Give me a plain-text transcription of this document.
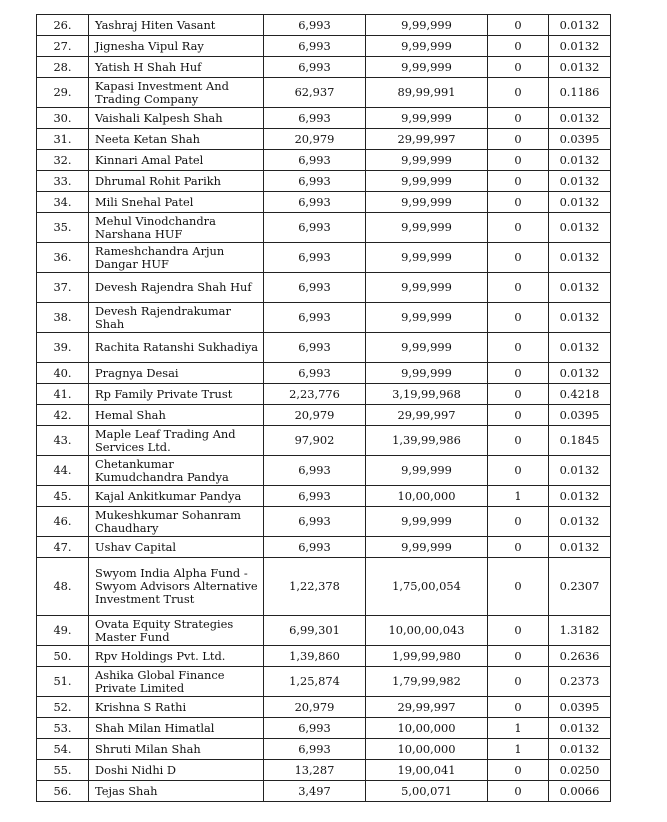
26.	Yashraj Hiten Vasant	6,993	9,99,999	0	0.0132
27.	Jignesha Vipul Ray	6,993	9,99,999	0	0.0132
28.	Yatish H Shah Huf	6,993	9,99,999	0	0.0132
29.	Kapasi Investment And Trading Company	62,937	89,99,991	0	0.1186
30.	Vaishali Kalpesh Shah	6,993	9,99,999	0	0.0132
31.	Neeta Ketan Shah	20,979	29,99,997	0	0.0395
32.	Kinnari Amal Patel	6,993	9,99,999	0	0.0132
33.	Dhrumal Rohit Parikh	6,993	9,99,999	0	0.0132
34.	Mili Snehal Patel	6,993	9,99,999	0	0.0132
35.	Mehul Vinodchandra Narshana HUF	6,993	9,99,999	0	0.0132
36.	Rameshchandra Arjun Dangar HUF	6,993	9,99,999	0	0.0132
37.	Devesh Rajendra Shah Huf	6,993	9,99,999	0	0.0132
38.	Devesh Rajendrakumar Shah	6,993	9,99,999	0	0.0132
39.	Rachita Ratanshi Sukhadiya	6,993	9,99,999	0	0.0132
40.	Pragnya Desai	6,993	9,99,999	0	0.0132
41.	Rp Family Private Trust	2,23,776	3,19,99,968	0	0.4218
42.	Hemal Shah	20,979	29,99,997	0	0.0395
43.	Maple Leaf Trading And Services Ltd.	97,902	1,39,99,986	0	0.1845
44.	Chetankumar Kumudchandra Pandya	6,993	9,99,999	0	0.0132
45.	Kajal Ankitkumar Pandya	6,993	10,00,000	1	0.0132
46.	Mukeshkumar Sohanram Chaudhary	6,993	9,99,999	0	0.0132
47.	Ushav Capital	6,993	9,99,999	0	0.0132
48.	Swyom India Alpha Fund - Swyom Advisors Alternative Investment Trust	1,22,378	1,75,00,054	0	0.2307
49.	Ovata Equity Strategies Master Fund	6,99,301	10,00,00,043	0	1.3182
50.	Rpv Holdings Pvt. Ltd.	1,39,860	1,99,99,980	0	0.2636
51.	Ashika Global Finance Private Limited	1,25,874	1,79,99,982	0	0.2373
52.	Krishna S Rathi	20,979	29,99,997	0	0.0395
53.	Shah Milan Himatlal	6,993	10,00,000	1	0.0132
54.	Shruti Milan Shah	6,993	10,00,000	1	0.0132
55.	Doshi Nidhi D	13,287	19,00,041	0	0.0250
56.	Tejas Shah	3,497	5,00,071	0	0.0066
